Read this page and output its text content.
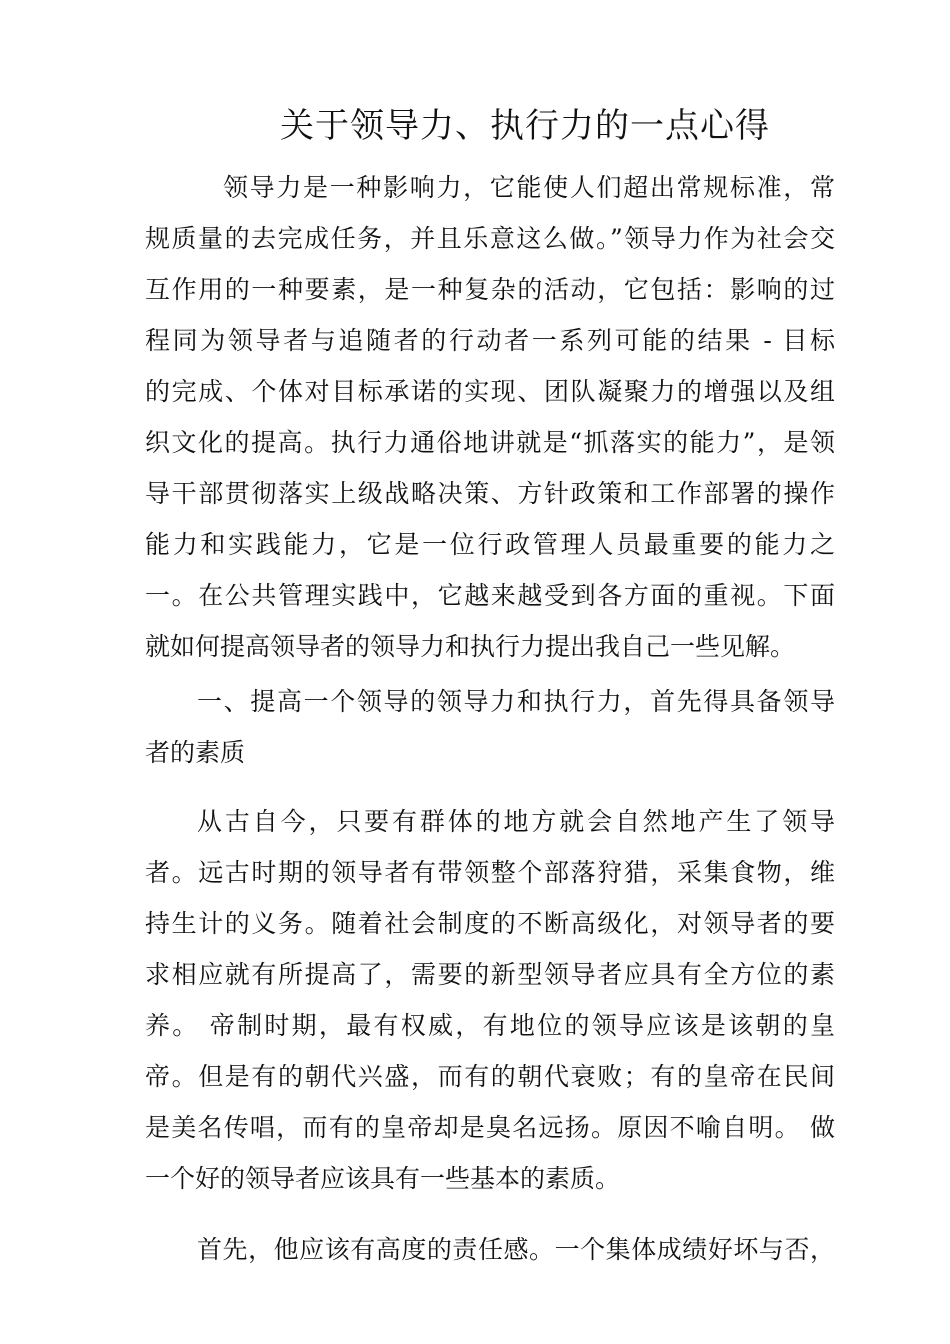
关于领导力、执行力的一点心得
领导力是一种影响力，它能使人们超出常规标准，常
规质量的去完成任务，并且乐意这么做。”领导力作为社会交
互作用的一种要素，是一种复杂的活动，它包括：影响的过
程同为领导者与追随者的行动者一系列可能的结果 - 目标
的完成、个体对目标承诺的实现、团队凝聚力的增强以及组
织文化的提高。执行力通俗地讲就是“抓落实的能力”，是领
导干部贯彻落实上级战略决策、方针政策和工作部署的操作
能力和实践能力，它是一位行政管理人员最重要的能力之
一。在公共管理实践中，它越来越受到各方面的重视。下面
就如何提高领导者的领导力和执行力提出我自己一些见解。
一、提高一个领导的领导力和执行力，首先得具备领导
者的素质
从古自今，只要有群体的地方就会自然地产生了领导
者。远古时期的领导者有带领整个部落狩猎，采集食物，维
持生计的义务。随着社会制度的不断高级化，对领导者的要
求相应就有所提高了，需要的新型领导者应具有全方位的素
养。 帝制时期，最有权威，有地位的领导应该是该朝的皇
帝。但是有的朝代兴盛，而有的朝代衰败；有的皇帝在民间
是美名传唱，而有的皇帝却是臭名远扬。原因不喻自明。 做
一个好的领导者应该具有一些基本的素质。
首先，他应该有高度的责任感。一个集体成绩好坏与否，
